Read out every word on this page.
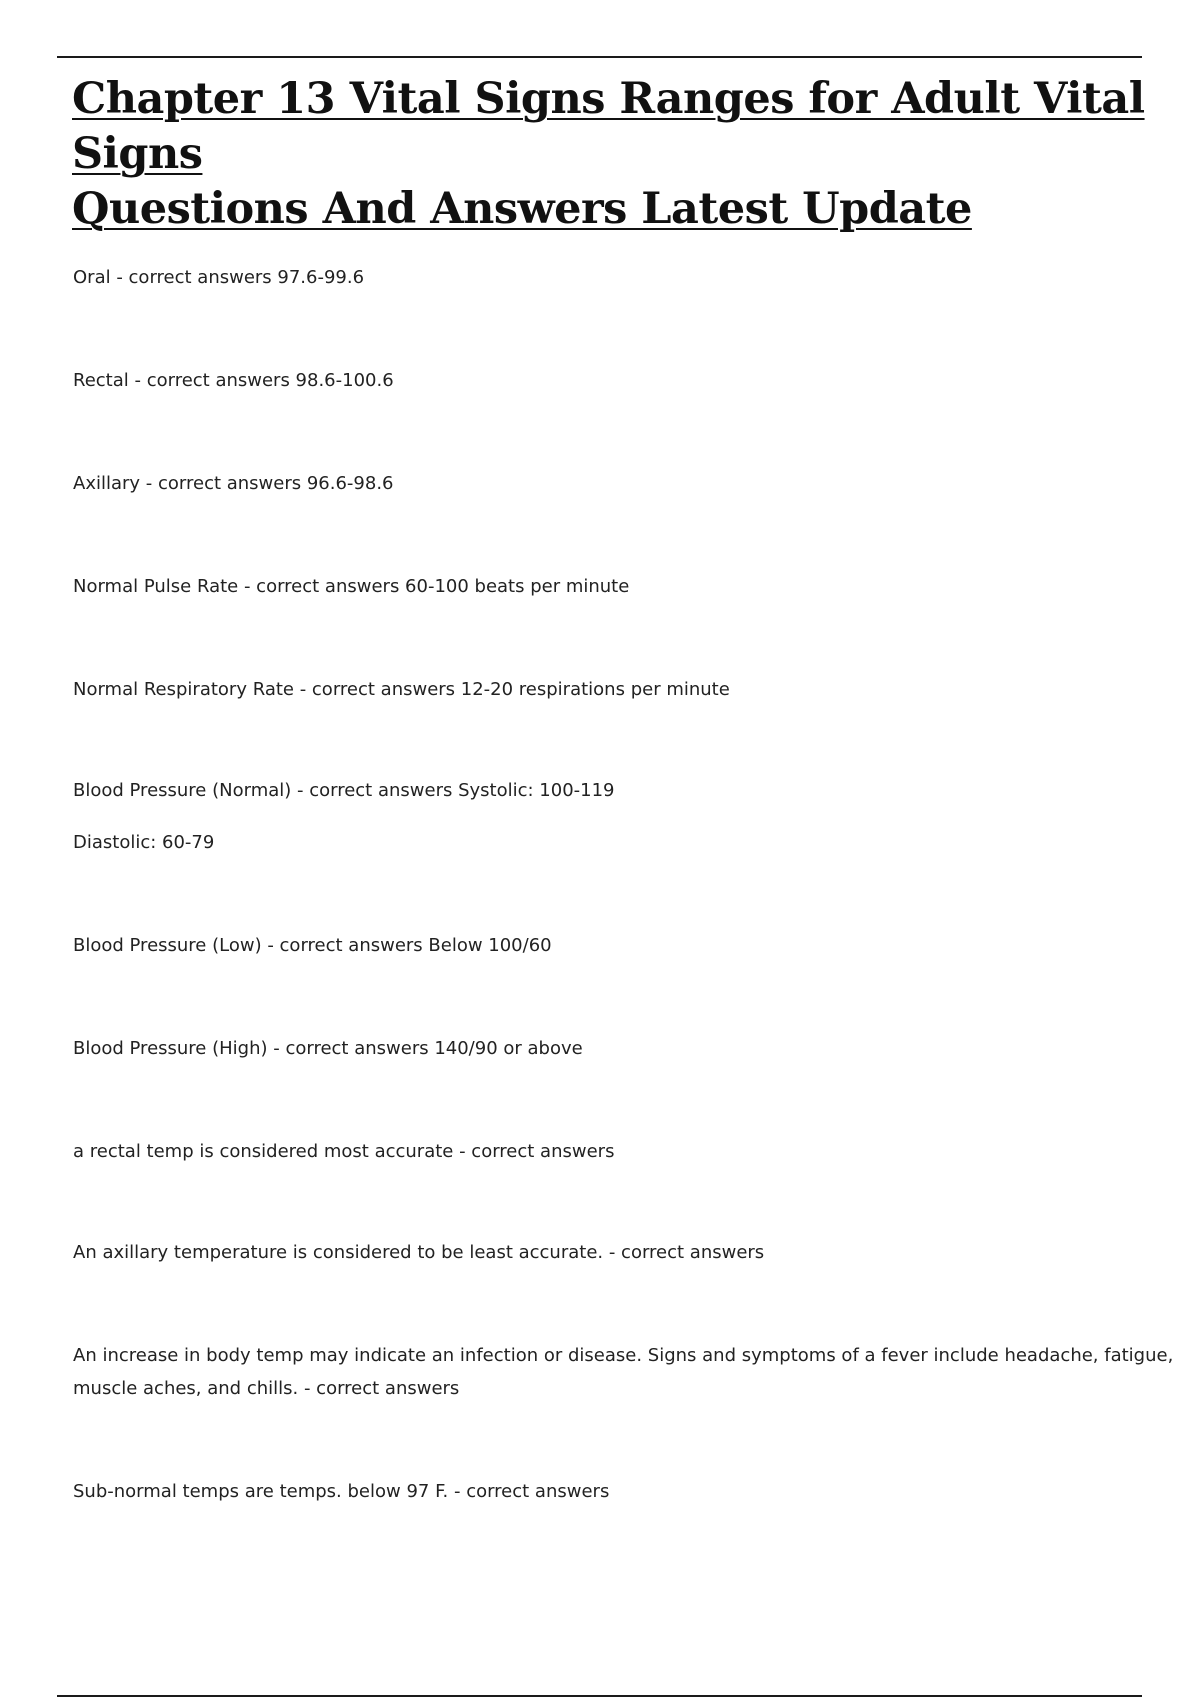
Chapter 13 Vital Signs Ranges for Adult Vital Signs
Questions And Answers Latest Update

Oral - correct answers 97.6-99.6

Rectal - correct answers 98.6-100.6

Axillary - correct answers 96.6-98.6

Normal Pulse Rate - correct answers 60-100 beats per minute

Normal Respiratory Rate - correct answers 12-20 respirations per minute

Blood Pressure (Normal) - correct answers Systolic: 100-119
Diastolic: 60-79

Blood Pressure (Low) - correct answers Below 100/60

Blood Pressure (High) - correct answers 140/90 or above

a rectal temp is considered most accurate - correct answers

An axillary temperature is considered to be least accurate. - correct answers

An increase in body temp may indicate an infection or disease. Signs and symptoms of a fever include headache, fatigue,
muscle aches, and chills. - correct answers

Sub-normal temps are temps. below 97 F. - correct answers
